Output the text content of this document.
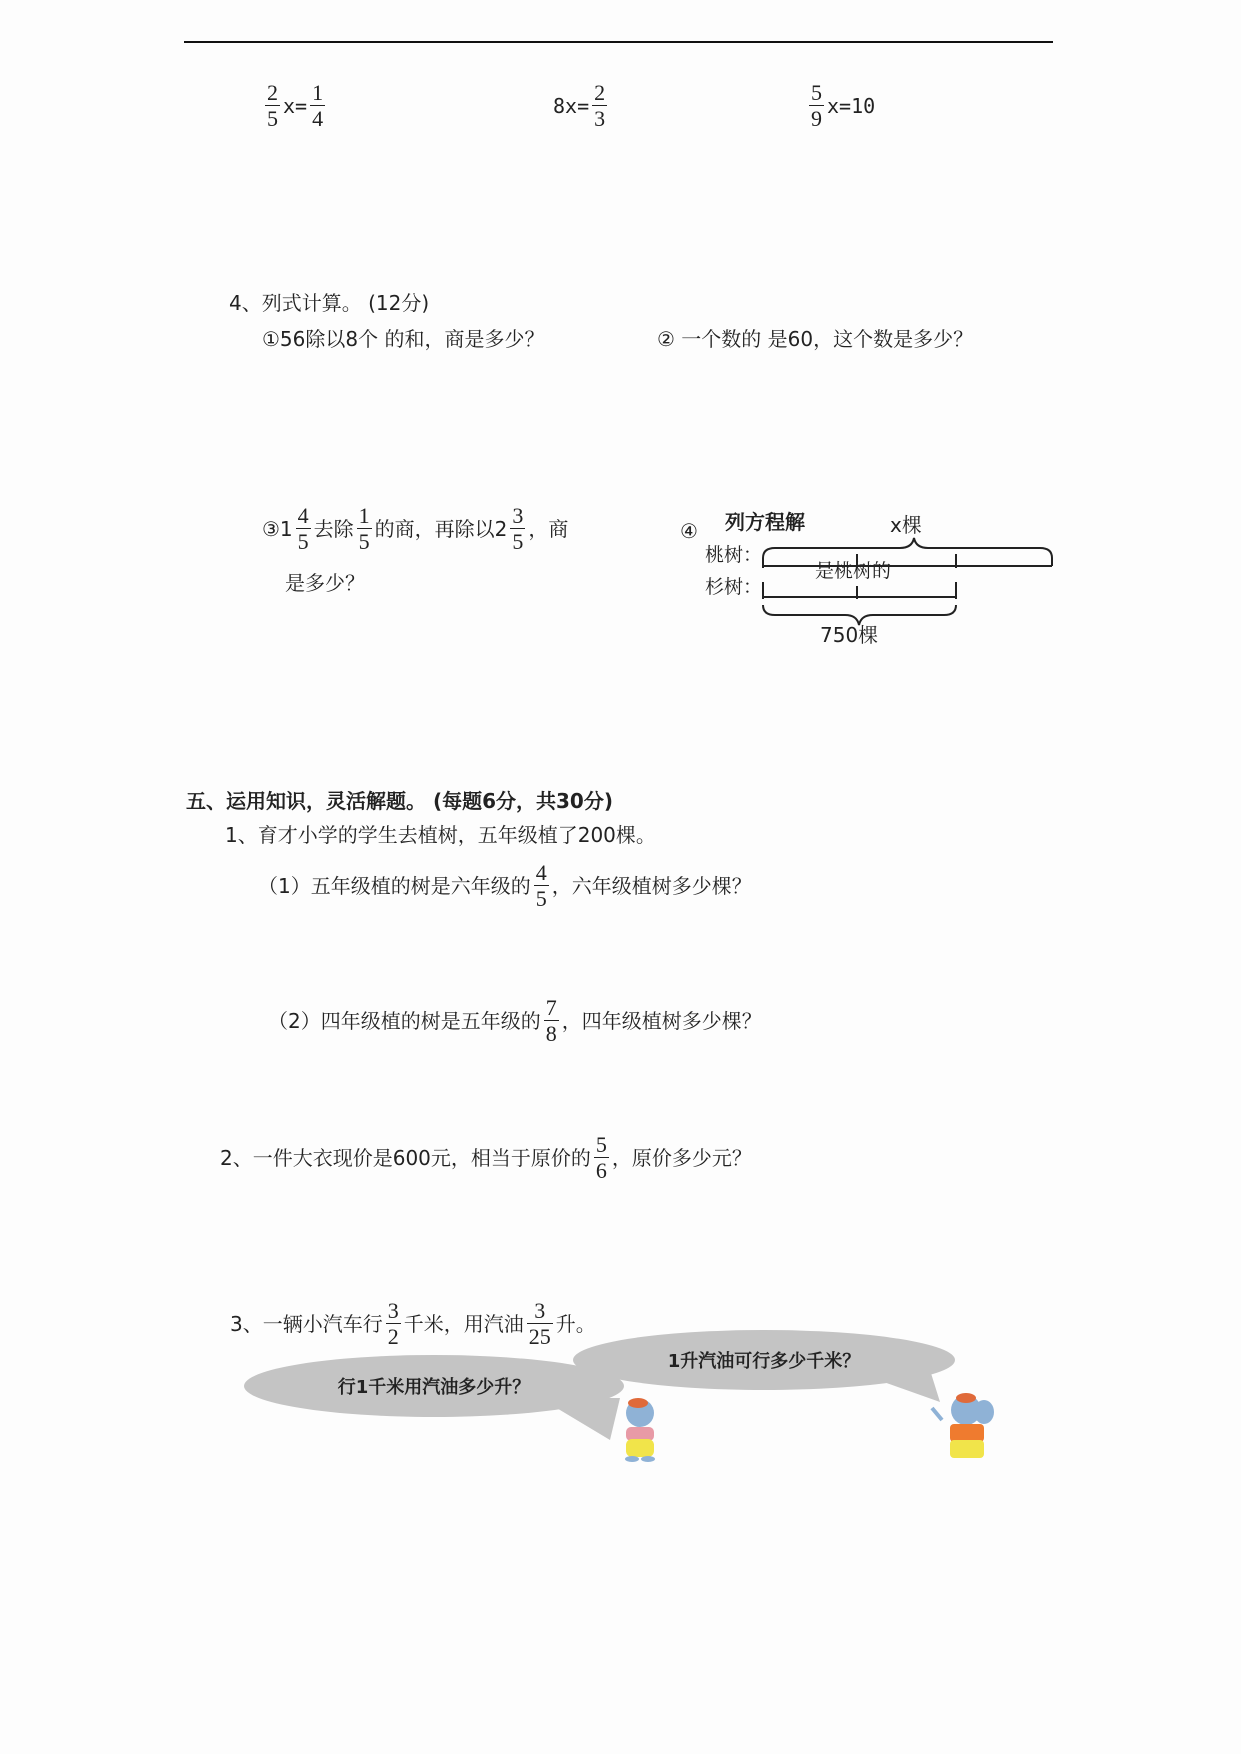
$\frac{2}{5}$ $x = \frac{1}{4}$	8 $x = \frac{2}{3}$	$\frac{5}{9}$ x = 10
4、列式计算。 (12分)
①56除以8个 的和，商是多少？	② 一个数的 是60，这个数是多少？
③1 $\frac{4}{5}$ 去除 $\frac{1}{5}$ 的商，再除以$2 \frac{3}{5}$ ，商
是多少？
④ 列方程解	x棵
桃树：
杉树：
是桃树的
750棵
五、运用知识，灵活解题。 (每题6分，共30分)
1、育才小学的学生去植树，五年级植了200棵。
（1）五年级植的树是六年级的 $\frac{4}{5}$ ，六年级植树多少棵？
（2）四年级植的树是五年级的 $\frac{7}{8}$ ，四年级植树多少棵？
2、一件大衣现价是600元，相当于原价的 $\frac{5}{6}$ ，原价多少元？
3、一辆小汽车行 $\frac{3}{2}$ 千米，用汽油 $\frac{3}{25}$ 升。
1升汽油可行多少千米？
行1千米用汽油多少升？
